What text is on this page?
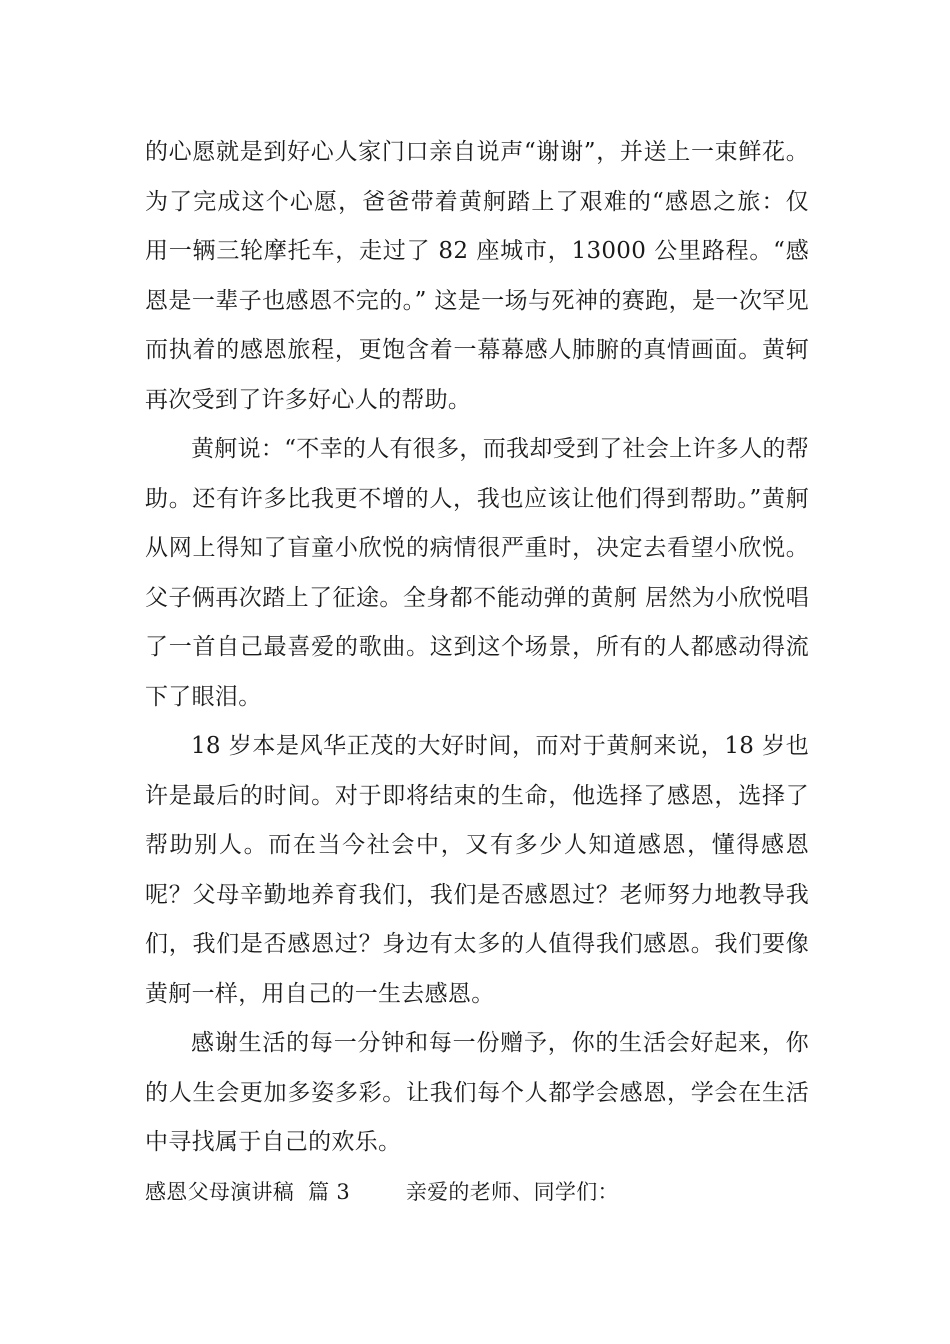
的心愿就是到好心人家门口亲自说声“谢谢”，并送上一束鲜花。为了完成这个心愿，爸爸带着黄舸踏上了艰难的“感恩之旅：仅用一辆三轮摩托车，走过了 82 座城市，13000 公里路程。“感恩是一辈子也感恩不完的。” 这是一场与死神的赛跑，是一次罕见而执着的感恩旅程，更饱含着一幕幕感人肺腑的真情画面。黄轲再次受到了许多好心人的帮助。

黄舸说：“不幸的人有很多，而我却受到了社会上许多人的帮助。还有许多比我更不增的人，我也应该让他们得到帮助。”黄舸从网上得知了盲童小欣悦的病情很严重时，决定去看望小欣悦。父子俩再次踏上了征途。全身都不能动弹的黄舸 居然为小欣悦唱了一首自己最喜爱的歌曲。这到这个场景，所有的人都感动得流下了眼泪。

18 岁本是风华正茂的大好时间，而对于黄舸来说，18 岁也许是最后的时间。对于即将结束的生命，他选择了感恩，选择了帮助别人。而在当今社会中，又有多少人知道感恩，懂得感恩呢？父母辛勤地养育我们，我们是否感恩过？老师努力地教导我们，我们是否感恩过？身边有太多的人值得我们感恩。我们要像黄舸一样，用自己的一生去感恩。

感谢生活的每一分钟和每一份赠予，你的生活会好起来，你的人生会更加多姿多彩。让我们每个人都学会感恩，学会在生活中寻找属于自己的欢乐。

感恩父母演讲稿 篇 3	亲爱的老师、同学们：
